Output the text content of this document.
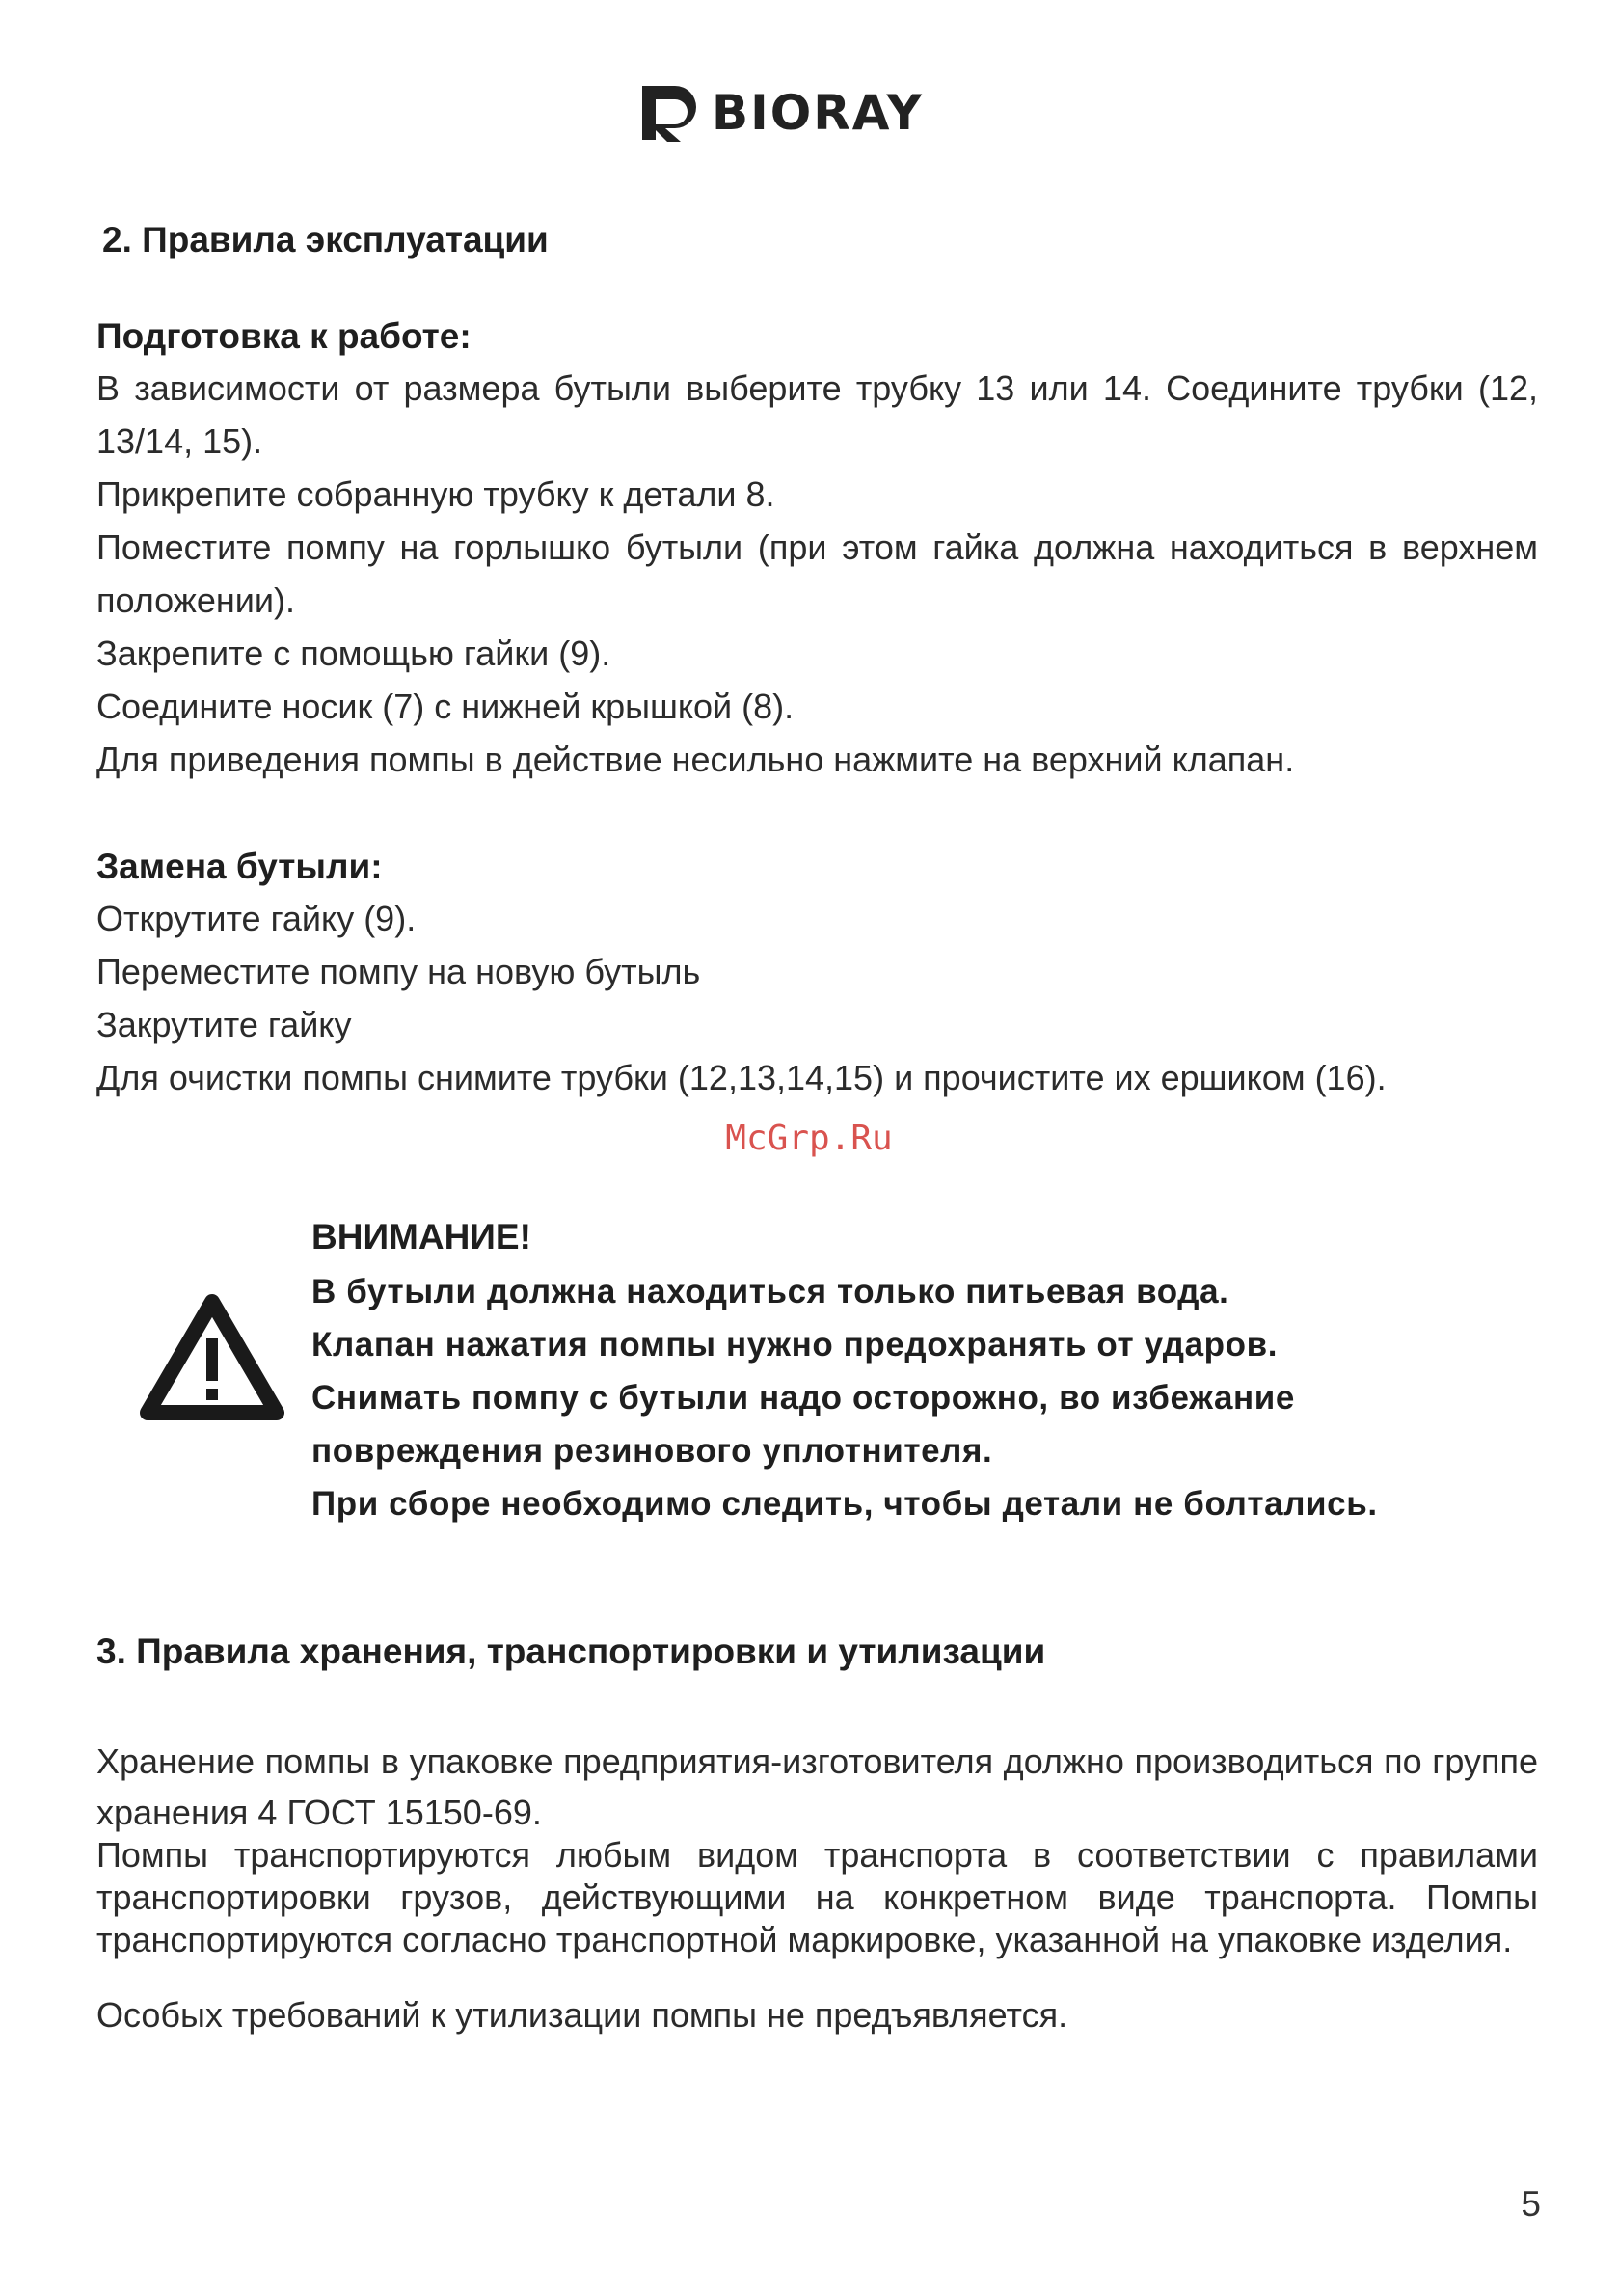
BIORAY
2. Правила эксплуатации
Подготовка к работе:

В зависимости от размера бутыли выберите трубку 13 или 14. Соедините трубки (12, 13/14, 15).

Прикрепите собранную трубку к детали 8.

Поместите помпу на горлышко бутыли (при этом гайка должна находиться в верхнем положении).

Закрепите с помощью гайки (9).

Соедините носик (7) с нижней крышкой (8).

Для приведения помпы в действие несильно нажмите на верхний клапан.

Замена бутыли:

Открутите гайку (9).

Переместите помпу на новую бутыль

Закрутите гайку

Для очистки помпы снимите трубки (12,13,14,15) и прочистите их ершиком (16).

McGrp.Ru
ВНИМАНИЕ!
В бутыли должна находиться только питьевая вода.
Клапан нажатия помпы нужно предохранять от ударов.
Снимать помпу с бутыли надо осторожно, во избежание
повреждения резинового уплотнителя.
При сборе необходимо следить, чтобы детали не болтались.
3. Правила хранения, транспортировки и утилизации

Хранение помпы в упаковке предприятия-изготовителя должно производиться по группе хранения 4 ГОСТ 15150-69.

Помпы транспортируются любым видом транспорта в соответствии с правилами транспортировки грузов, действующими на конкретном виде транспорта. Помпы транспортируются согласно транспортной маркировке, указанной на упаковке изделия.

Особых требований к утилизации помпы не предъявляется.

5
